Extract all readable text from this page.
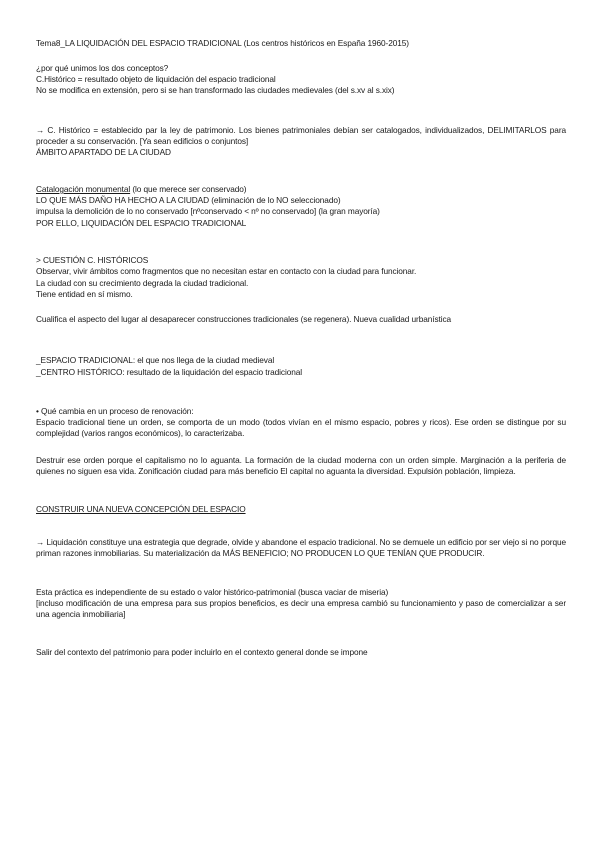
Tema8_LA LIQUIDACIÓN DEL ESPACIO TRADICIONAL (Los centros históricos en España 1960-2015)
¿por qué unimos los dos conceptos?
C.Histórico = resultado objeto de liquidación del espacio tradicional
No se modifica en extensión, pero si se han transformado las ciudades medievales (del s.xv al s.xix)
→ C. Histórico = establecido par la ley de patrimonio. Los bienes patrimoniales debían ser catalogados, individualizados, DELIMITARLOS para proceder a su conservación. [Ya sean edificios o conjuntos]
ÁMBITO APARTADO DE LA CIUDAD
Catalogación monumental (lo que merece ser conservado)
LO QUE MÁS DAÑO HA HECHO A LA CIUDAD (eliminación de lo NO seleccionado)
impulsa la demolición de lo no conservado [nºconservado < nº no conservado] (la gran mayoría)
POR ELLO, LIQUIDACIÓN DEL ESPACIO TRADICIONAL
> CUESTIÓN C. HISTÓRICOS
Observar, vivir ámbitos como fragmentos que no necesitan estar en contacto con la ciudad para funcionar.
La ciudad con su crecimiento degrada la ciudad tradicional.
Tiene entidad en sí mismo.
Cualifica el aspecto del lugar al desaparecer construcciones tradicionales (se regenera). Nueva cualidad urbanística
_ESPACIO TRADICIONAL: el que nos llega de la ciudad medieval
_CENTRO HISTÓRICO: resultado de la liquidación del espacio tradicional
• Qué cambia en un proceso de renovación:
Espacio tradicional tiene un orden, se comporta de un modo (todos vivían en el mismo espacio, pobres y ricos). Ese orden se distingue por su complejidad (varios rangos económicos), lo caracterizaba.
Destruir ese orden porque el capitalismo no lo aguanta. La formación de la ciudad moderna con un orden simple. Marginación a la periferia de quienes no siguen esa vida. Zonificación ciudad para más beneficio El capital no aguanta la diversidad. Expulsión población, limpieza.
CONSTRUIR UNA NUEVA CONCEPCIÓN DEL ESPACIO
→ Liquidación constituye una estrategia que degrade, olvide y abandone el espacio tradicional. No se demuele un edificio por ser viejo si no porque priman razones inmobiliarias. Su materialización da MÁS BENEFICIO; NO PRODUCEN LO QUE TENÍAN QUE PRODUCIR.
Esta práctica es independiente de su estado o valor histórico-patrimonial (busca vaciar de miseria)
[incluso modificación de una empresa para sus propios beneficios, es decir una empresa cambió su funcionamiento y paso de comercializar a ser una agencia inmobiliaria]
Salir del contexto del patrimonio para poder incluirlo en el contexto general donde se impone
